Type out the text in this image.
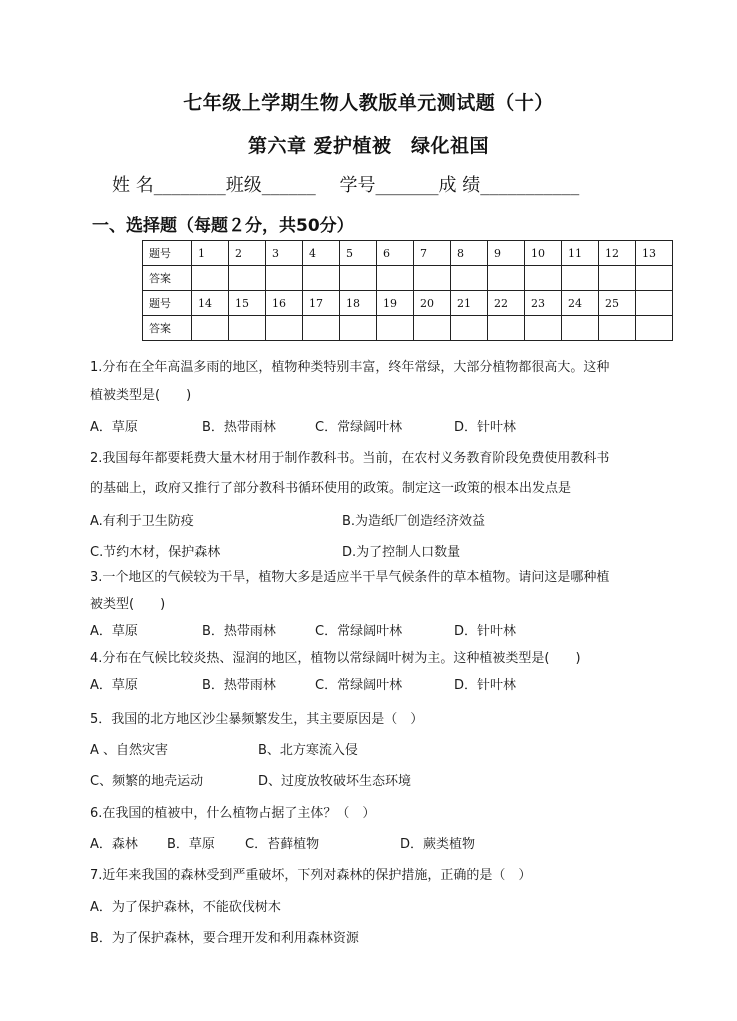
七年级上学期生物人教版单元测试题（十）
第六章 爱护植被　绿化祖国
姓 名________班级______ 学号_______成 绩___________
一、选择题（每题２分，共50分）
题号	1	2	3	4	5	6	7	8	9	10	11	12	13
答案													
题号	14	15	16	17	18	19	20	21	22	23	24	25	
答案													
1.分布在全年高温多雨的地区，植物种类特别丰富，终年常绿，大部分植物都很高大。这种
植被类型是(　　)
A．草原	B．热带雨林	C．常绿阔叶林	D．针叶林
2.我国每年都要耗费大量木材用于制作教科书。当前，在农村义务教育阶段免费使用教科书
的基础上，政府又推行了部分教科书循环使用的政策。制定这一政策的根本出发点是
A.有利于卫生防疫	B.为造纸厂创造经济效益
C.节约木材，保护森林	D.为了控制人口数量
3.一个地区的气候较为干旱，植物大多是适应半干旱气候条件的草本植物。请问这是哪种植
被类型(　　)
A．草原	B．热带雨林	C．常绿阔叶林	D．针叶林
4.分布在气候比较炎热、湿润的地区，植物以常绿阔叶树为主。这种植被类型是(　　)
A．草原	B．热带雨林	C．常绿阔叶林	D．针叶林
5．我国的北方地区沙尘暴频繁发生，其主要原因是（　）
A 、自然灾害	B、北方寒流入侵
C、频繁的地壳运动	D、过度放牧破坏生态环境
6.在我国的植被中，什么植物占据了主体？（　）
A．森林 B．草原 C．苔藓植物	D．蕨类植物
7.近年来我国的森林受到严重破坏，下列对森林的保护措施，正确的是（　）
A．为了保护森林，不能砍伐树木
B．为了保护森林，要合理开发和利用森林资源
